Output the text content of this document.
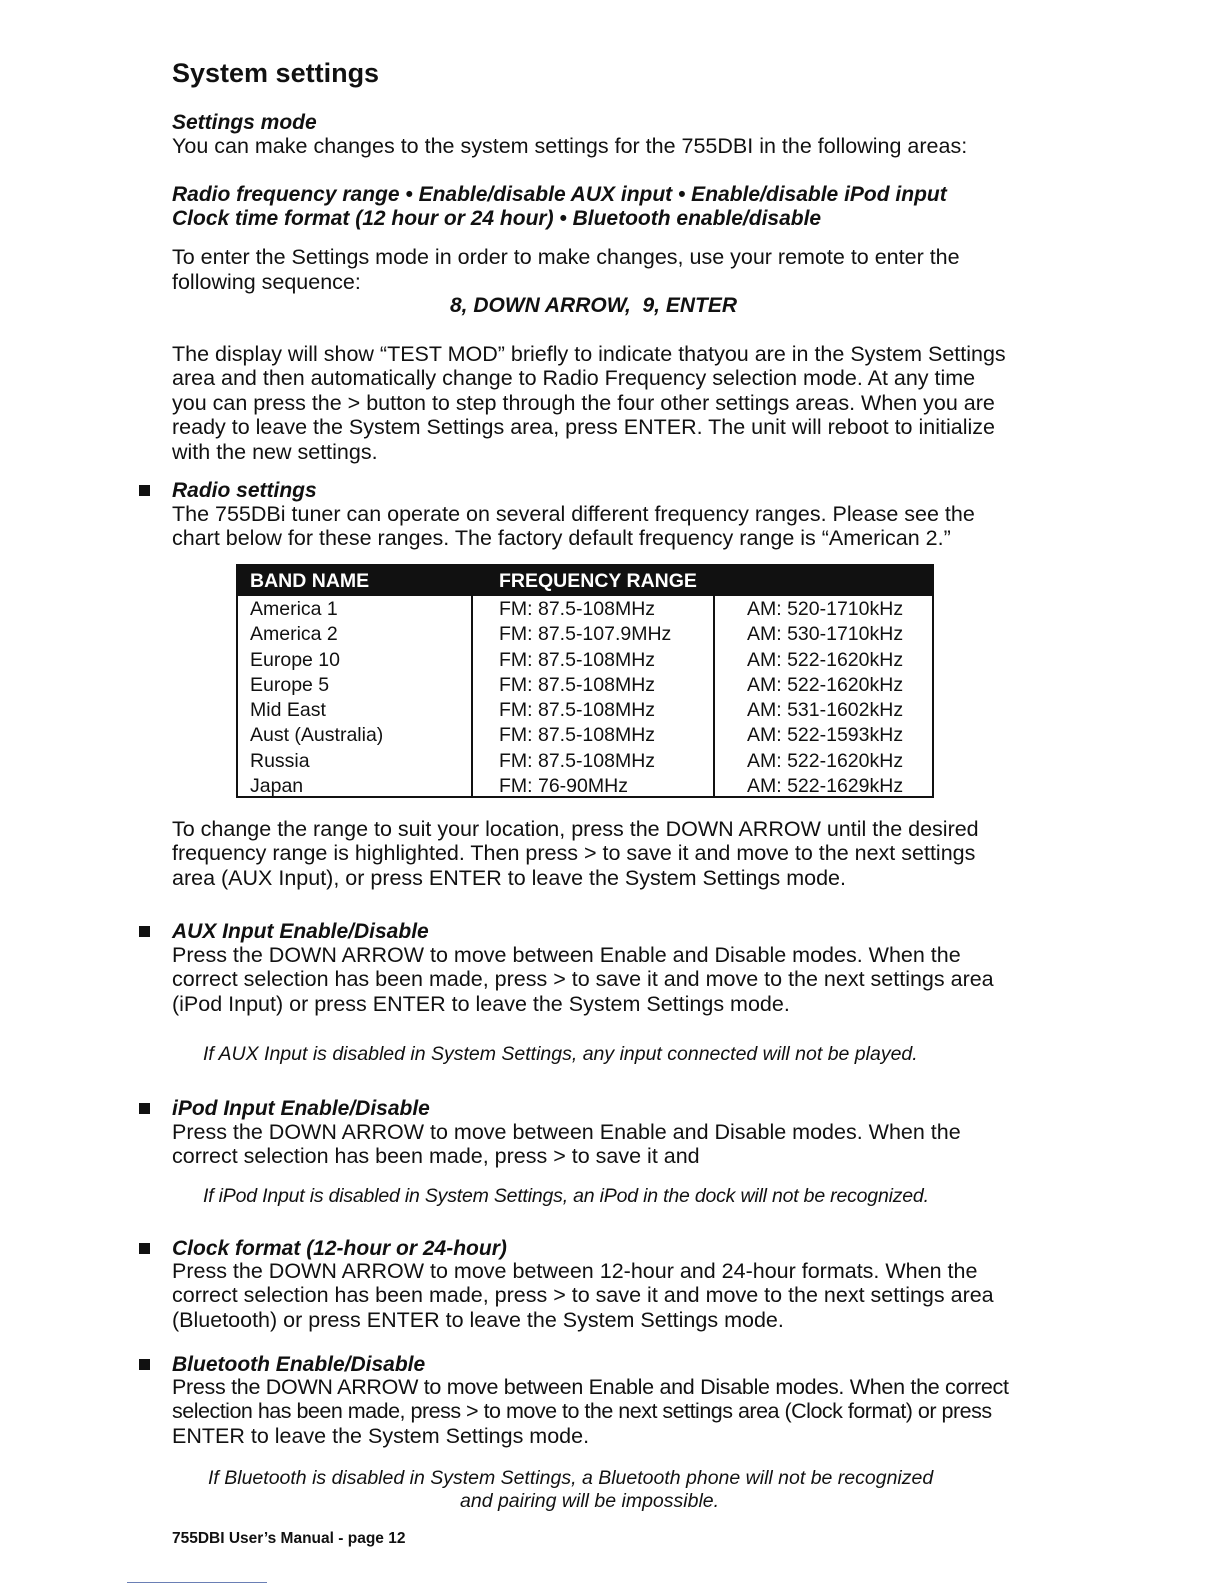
System settings
Settings mode
You can make changes to the system settings for the 755DBI in the following areas:
Radio frequency range • Enable/disable AUX input • Enable/disable iPod input
Clock time format (12 hour or 24 hour) • Bluetooth enable/disable
To enter the Settings mode in order to make changes, use your remote to enter the
following sequence:
8, DOWN ARROW,  9, ENTER
The display will show “TEST MOD” briefly to indicate thatyou are in the System Settings
area and then automatically change to Radio Frequency selection mode. At any time
you can press the > button to step through the four other settings areas. When you are
ready to leave the System Settings area, press ENTER. The unit will reboot to initialize
with the new settings.
Radio settings
The 755DBi tuner can operate on several different frequency ranges. Please see the
chart below for these ranges. The factory default frequency range is “American 2.”
BAND NAME	FREQUENCY RANGE
America 1	FM: 87.5-108MHz	AM: 520-1710kHz
America 2	FM: 87.5-107.9MHz	AM: 530-1710kHz
Europe 10	FM: 87.5-108MHz	AM: 522-1620kHz
Europe 5	FM: 87.5-108MHz	AM: 522-1620kHz
Mid East	FM: 87.5-108MHz	AM: 531-1602kHz
Aust (Australia)	FM: 87.5-108MHz	AM: 522-1593kHz
Russia	FM: 87.5-108MHz	AM: 522-1620kHz
Japan	FM: 76-90MHz	AM: 522-1629kHz
To change the range to suit your location, press the DOWN ARROW until the desired
frequency range is highlighted. Then press > to save it and move to the next settings
area (AUX Input), or press ENTER to leave the System Settings mode.
AUX Input Enable/Disable
Press the DOWN ARROW to move between Enable and Disable modes. When the
correct selection has been made, press > to save it and move to the next settings area
(iPod Input) or press ENTER to leave the System Settings mode.
If AUX Input is disabled in System Settings, any input connected will not be played.
iPod Input Enable/Disable
Press the DOWN ARROW to move between Enable and Disable modes. When the
correct selection has been made, press > to save it and
If iPod Input is disabled in System Settings, an iPod in the dock will not be recognized.
Clock format (12-hour or 24-hour)
Press the DOWN ARROW to move between 12-hour and 24-hour formats. When the
correct selection has been made, press > to save it and move to the next settings area
(Bluetooth) or press ENTER to leave the System Settings mode.
Bluetooth Enable/Disable
Press the DOWN ARROW to move between Enable and Disable modes. When the correct
selection has been made, press > to move to the next settings area (Clock format) or press
ENTER to leave the System Settings mode.
If Bluetooth is disabled in System Settings, a Bluetooth phone will not be recognized
and pairing will be impossible.
755DBI User’s Manual - page 12
